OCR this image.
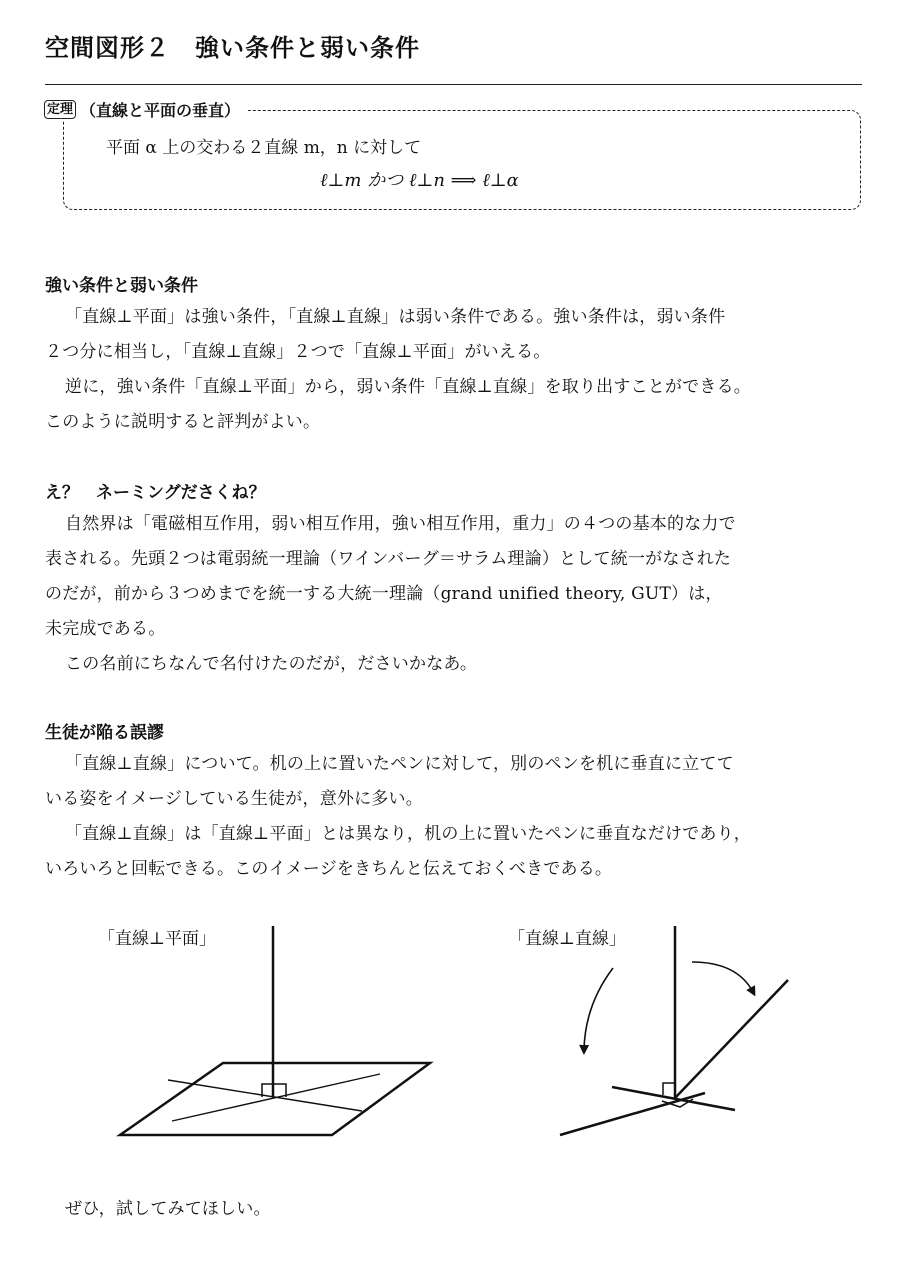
空間図形２　強い条件と弱い条件
定理 （直線と平面の垂直）
平面 α 上の交わる２直線 m，n に対して
ℓ⊥m かつ ℓ⊥n ⟹ ℓ⊥α
強い条件と弱い条件
「直線⊥平面」は強い条件，「直線⊥直線」は弱い条件である。強い条件は，弱い条件
２つ分に相当し，「直線⊥直線」２つで「直線⊥平面」がいえる。
逆に，強い条件「直線⊥平面」から，弱い条件「直線⊥直線」を取り出すことができる。
このように説明すると評判がよい。
え？　ネーミングださくね？
自然界は「電磁相互作用，弱い相互作用，強い相互作用，重力」の４つの基本的な力で
表される。先頭２つは電弱統一理論（ワインバーグ＝サラム理論）として統一がなされた
のだが，前から３つめまでを統一する大統一理論（grand unified theory, GUT）は，
未完成である。
この名前にちなんで名付けたのだが，ださいかなあ。
生徒が陥る誤謬
「直線⊥直線」について。机の上に置いたペンに対して，別のペンを机に垂直に立てて
いる姿をイメージしている生徒が，意外に多い。
「直線⊥直線」は「直線⊥平面」とは異なり，机の上に置いたペンに垂直なだけであり，
いろいろと回転できる。このイメージをきちんと伝えておくべきである。
「直線⊥平面」	「直線⊥直線」
ぜひ，試してみてほしい。
